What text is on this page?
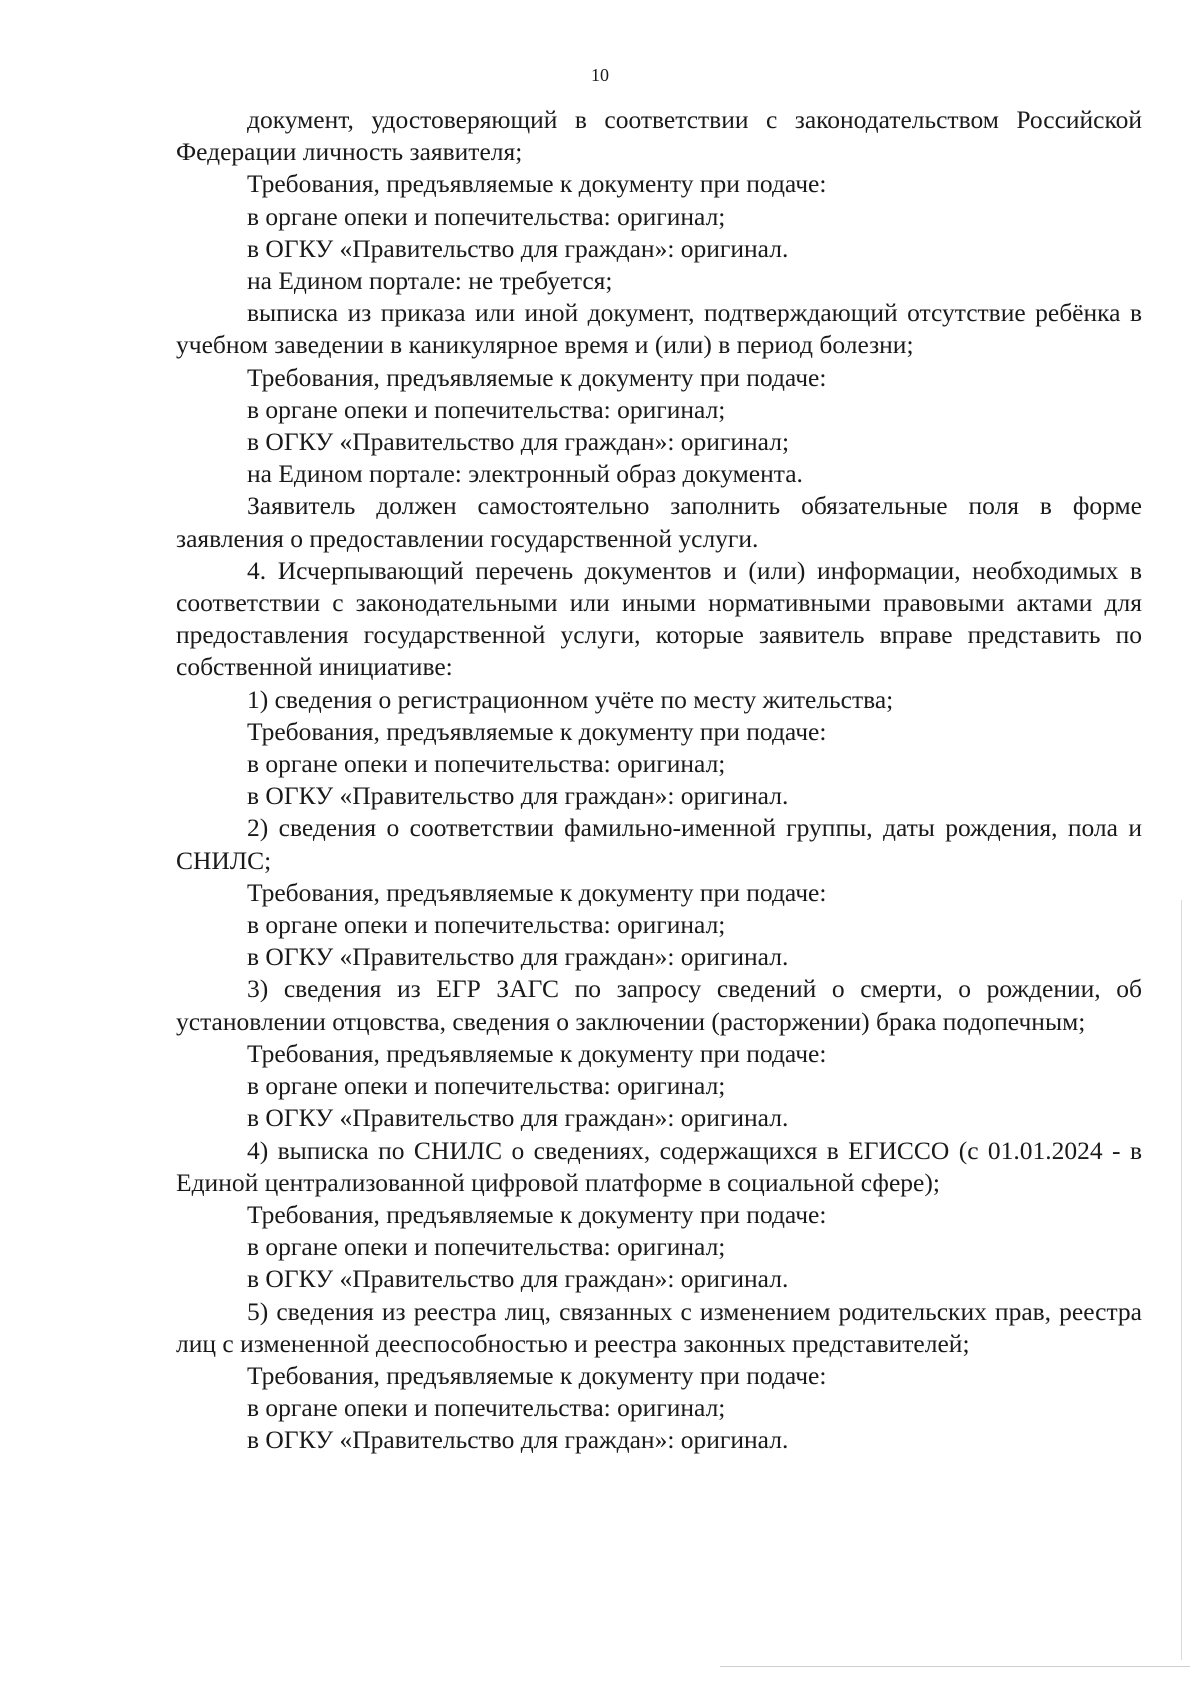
10

документ, удостоверяющий в соответствии с законодательством Российской Федерации личность заявителя;

Требования, предъявляемые к документу при подаче:

в органе опеки и попечительства: оригинал;

в ОГКУ «Правительство для граждан»: оригинал.

на Едином портале: не требуется;

выписка из приказа или иной документ, подтверждающий отсутствие ребёнка в учебном заведении в каникулярное время и (или) в период болезни;

Требования, предъявляемые к документу при подаче:

в органе опеки и попечительства: оригинал;

в ОГКУ «Правительство для граждан»: оригинал;

на Едином портале: электронный образ документа.

Заявитель должен самостоятельно заполнить обязательные поля в форме заявления о предоставлении государственной услуги.

4. Исчерпывающий перечень документов и (или) информации, необходимых в соответствии с законодательными или иными нормативными правовыми актами для предоставления государственной услуги, которые заявитель вправе представить по собственной инициативе:

1) сведения о регистрационном учёте по месту жительства;

Требования, предъявляемые к документу при подаче:

в органе опеки и попечительства: оригинал;

в ОГКУ «Правительство для граждан»: оригинал.

2) сведения о соответствии фамильно-именной группы, даты рождения, пола и СНИЛС;

Требования, предъявляемые к документу при подаче:

в органе опеки и попечительства: оригинал;

в ОГКУ «Правительство для граждан»: оригинал.

3) сведения из ЕГР ЗАГС по запросу сведений о смерти, о рождении, об установлении отцовства, сведения о заключении (расторжении) брака подопечным;

Требования, предъявляемые к документу при подаче:

в органе опеки и попечительства: оригинал;

в ОГКУ «Правительство для граждан»: оригинал.

4) выписка по СНИЛС о сведениях, содержащихся в ЕГИССО (с 01.01.2024 - в Единой централизованной цифровой платформе в социальной сфере);

Требования, предъявляемые к документу при подаче:

в органе опеки и попечительства: оригинал;

в ОГКУ «Правительство для граждан»: оригинал.

5) сведения из реестра лиц, связанных с изменением родительских прав, реестра лиц с измененной дееспособностью и реестра законных представителей;

Требования, предъявляемые к документу при подаче:

в органе опеки и попечительства: оригинал;

в ОГКУ «Правительство для граждан»: оригинал.
